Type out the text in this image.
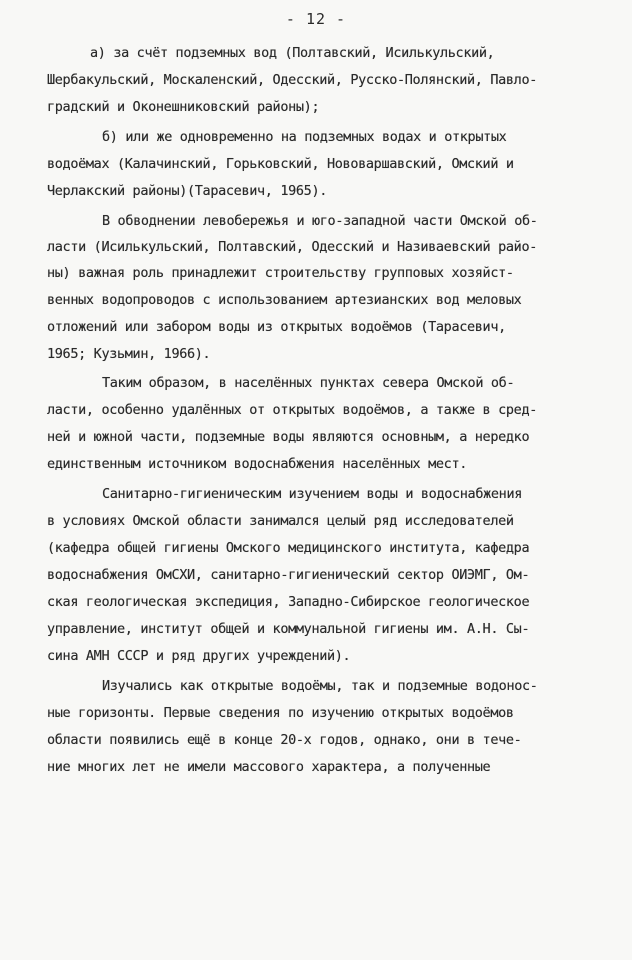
- 12 -
а) за счёт подземных вод (Полтавский, Исилькульский,
Шербакульский, Москаленский, Одесский, Русско-Полянский, Павло-
градский и Оконешниковский районы);
б) или же одновременно на подземных водах и открытых
водоёмах (Калачинский, Горьковский, Нововаршавский, Омский и
Черлакский районы)(Тарасевич, 1965).
В обводнении левобережья и юго-западной части Омской об-
ласти (Исилькульский, Полтавский, Одесский и Називаевский райо-
ны) важная роль принадлежит строительству групповых хозяйст-
венных водопроводов с использованием артезианских вод меловых
отложений или забором воды из открытых водоёмов (Тарасевич,
1965; Кузьмин, 1966).
Таким образом, в населённых пунктах севера Омской об-
ласти, особенно удалённых от открытых водоёмов, а также в сред-
ней и южной части, подземные воды являются основным, а нередко
единственным источником водоснабжения населённых мест.
Санитарно-гигиеническим изучением воды и водоснабжения
в условиях Омской области занимался целый ряд исследователей
(кафедра общей гигиены Омского медицинского института, кафедра
водоснабжения ОмСХИ, санитарно-гигиенический сектор ОИЭМГ, Ом-
ская геологическая экспедиция, Западно-Сибирское геологическое
управление, институт общей и коммунальной гигиены им. А.Н. Сы-
сина АМН СССР и ряд других учреждений).
Изучались как открытые водоёмы, так и подземные водонос-
ные горизонты. Первые сведения по изучению открытых водоёмов
области появились ещё в конце 20-х годов, однако, они в тече-
ние многих лет не имели массового характера, а полученные
